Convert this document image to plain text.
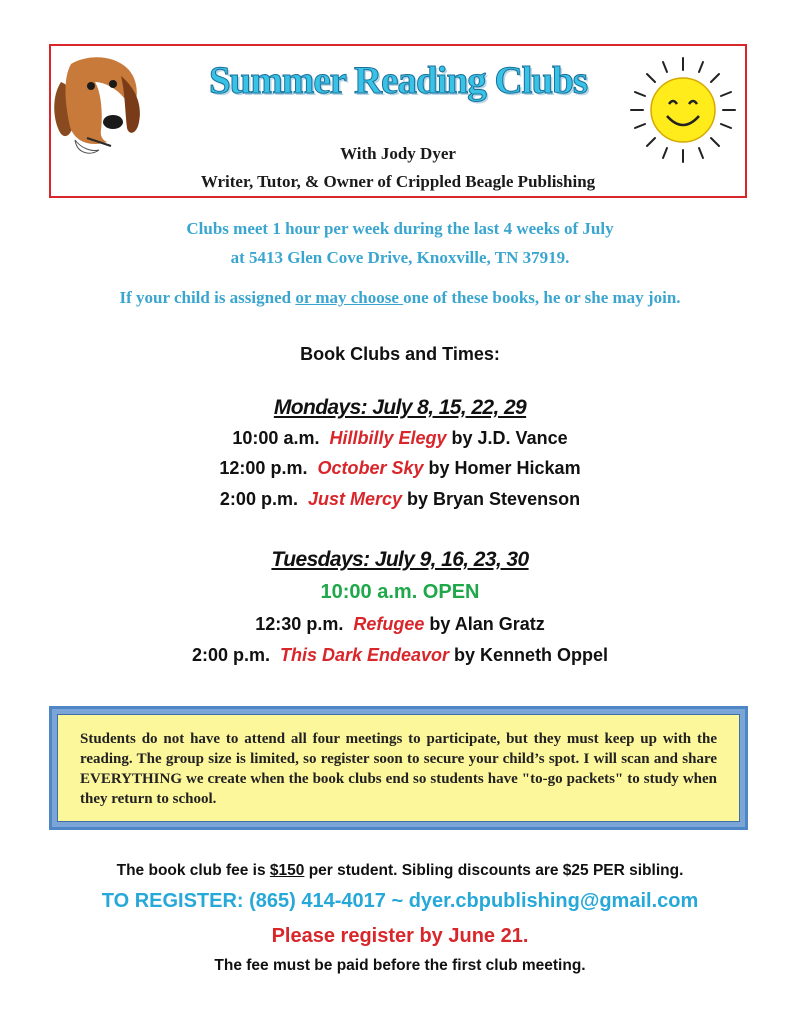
Summer Reading Clubs
With Jody Dyer
Writer, Tutor, & Owner of Crippled Beagle Publishing
Clubs meet 1 hour per week during the last 4 weeks of July
at 5413 Glen Cove Drive, Knoxville, TN 37919.
If your child is assigned or may choose one of these books, he or she may join.
Book Clubs and Times:
Mondays: July 8, 15, 22, 29
10:00 a.m. Hillbilly Elegy by J.D. Vance
12:00 p.m. October Sky by Homer Hickam
2:00 p.m. Just Mercy by Bryan Stevenson
Tuesdays: July 9, 16, 23, 30
10:00 a.m. OPEN
12:30 p.m. Refugee by Alan Gratz
2:00 p.m. This Dark Endeavor by Kenneth Oppel
Students do not have to attend all four meetings to participate, but they must keep up with the reading. The group size is limited, so register soon to secure your child’s spot. I will scan and share EVERYTHING we create when the book clubs end so students have "to-go packets" to study when they return to school.
The book club fee is $150 per student. Sibling discounts are $25 PER sibling.
TO REGISTER: (865) 414-4017 ~ dyer.cbpublishing@gmail.com
Please register by June 21.
The fee must be paid before the first club meeting.
